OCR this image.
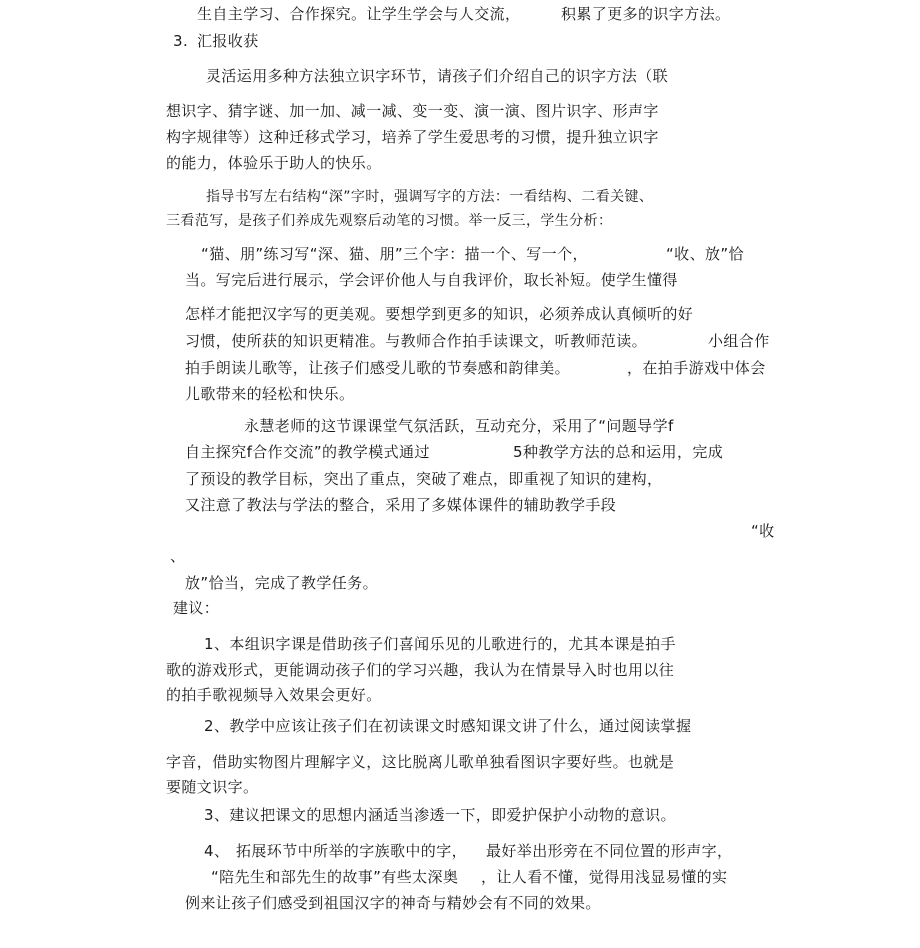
生自主学习、合作探究。让学生学会与人交流，	积累了更多的识字方法。
3. 汇报收获
灵活运用多种方法独立识字环节，请孩子们介绍自己的识字方法（联
想识字、猜字谜、加一加、减一减、变一变、演一演、图片识字、形声字
构字规律等）这种迁移式学习，培养了学生爱思考的习惯，提升独立识字
的能力，体验乐于助人的快乐。
指导书写左右结构“深”字时，强调写字的方法：一看结构、二看关键、
三看范写，是孩子们养成先观察后动笔的习惯。举一反三，学生分析：
“猫、朋”练习写“深、猫、朋”三个字：描一个、写一个，	“收、放”恰
当。写完后进行展示，学会评价他人与自我评价，取长补短。使学生懂得
怎样才能把汉字写的更美观。要想学到更多的知识，必须养成认真倾听的好
习惯，使所获的知识更精准。与教师合作拍手读课文，听教师范读。	小组合作
拍手朗读儿歌等，让孩子们感受儿歌的节奏感和韵律美。	，在拍手游戏中体会
儿歌带来的轻松和快乐。
永慧老师的这节课课堂气氛活跃，互动充分，采用了“问题导学f
自主探究f合作交流”的教学模式通过	5种教学方法的总和运用，完成
了预设的教学目标，突出了重点，突破了难点，即重视了知识的建构，
又注意了教法与学法的整合，采用了多媒体课件的辅助教学手段
“收
、
放”恰当，完成了教学任务。
建议：
1、本组识字课是借助孩子们喜闻乐见的儿歌进行的，尤其本课是拍手
歌的游戏形式，更能调动孩子们的学习兴趣，我认为在情景导入时也用以往
的拍手歌视频导入效果会更好。
2、教学中应该让孩子们在初读课文时感知课文讲了什么，通过阅读掌握
字音，借助实物图片理解字义，这比脱离儿歌单独看图识字要好些。也就是
要随文识字。
3、建议把课文的思想内涵适当渗透一下，即爱护保护小动物的意识。
4、 拓展环节中所举的字族歌中的字， 最好举出形旁在不同位置的形声字，
“陪先生和部先生的故事”有些太深奥 ，让人看不懂，觉得用浅显易懂的实
例来让孩子们感受到祖国汉字的神奇与精妙会有不同的效果。
